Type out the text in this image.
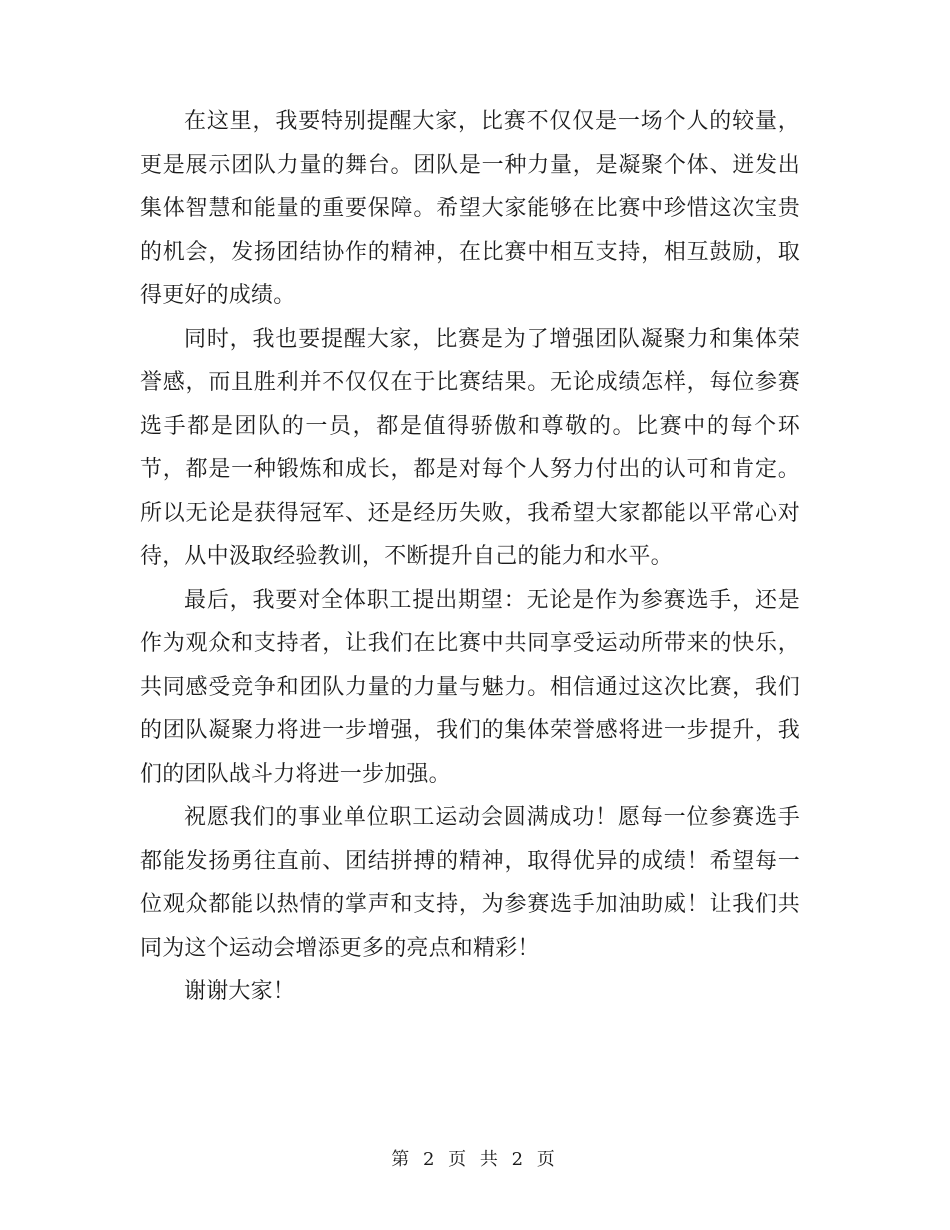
在这里，我要特别提醒大家，比赛不仅仅是一场个人的较量，更是展示团队力量的舞台。团队是一种力量，是凝聚个体、迸发出集体智慧和能量的重要保障。希望大家能够在比赛中珍惜这次宝贵的机会，发扬团结协作的精神，在比赛中相互支持，相互鼓励，取得更好的成绩。

同时，我也要提醒大家，比赛是为了增强团队凝聚力和集体荣誉感，而且胜利并不仅仅在于比赛结果。无论成绩怎样，每位参赛选手都是团队的一员，都是值得骄傲和尊敬的。比赛中的每个环节，都是一种锻炼和成长，都是对每个人努力付出的认可和肯定。所以无论是获得冠军、还是经历失败，我希望大家都能以平常心对待，从中汲取经验教训，不断提升自己的能力和水平。

最后，我要对全体职工提出期望：无论是作为参赛选手，还是作为观众和支持者，让我们在比赛中共同享受运动所带来的快乐，共同感受竞争和团队力量的力量与魅力。相信通过这次比赛，我们的团队凝聚力将进一步增强，我们的集体荣誉感将进一步提升，我们的团队战斗力将进一步加强。

祝愿我们的事业单位职工运动会圆满成功！愿每一位参赛选手都能发扬勇往直前、团结拼搏的精神，取得优异的成绩！希望每一位观众都能以热情的掌声和支持，为参赛选手加油助威！让我们共同为这个运动会增添更多的亮点和精彩！

谢谢大家！

第 2 页 共 2 页
